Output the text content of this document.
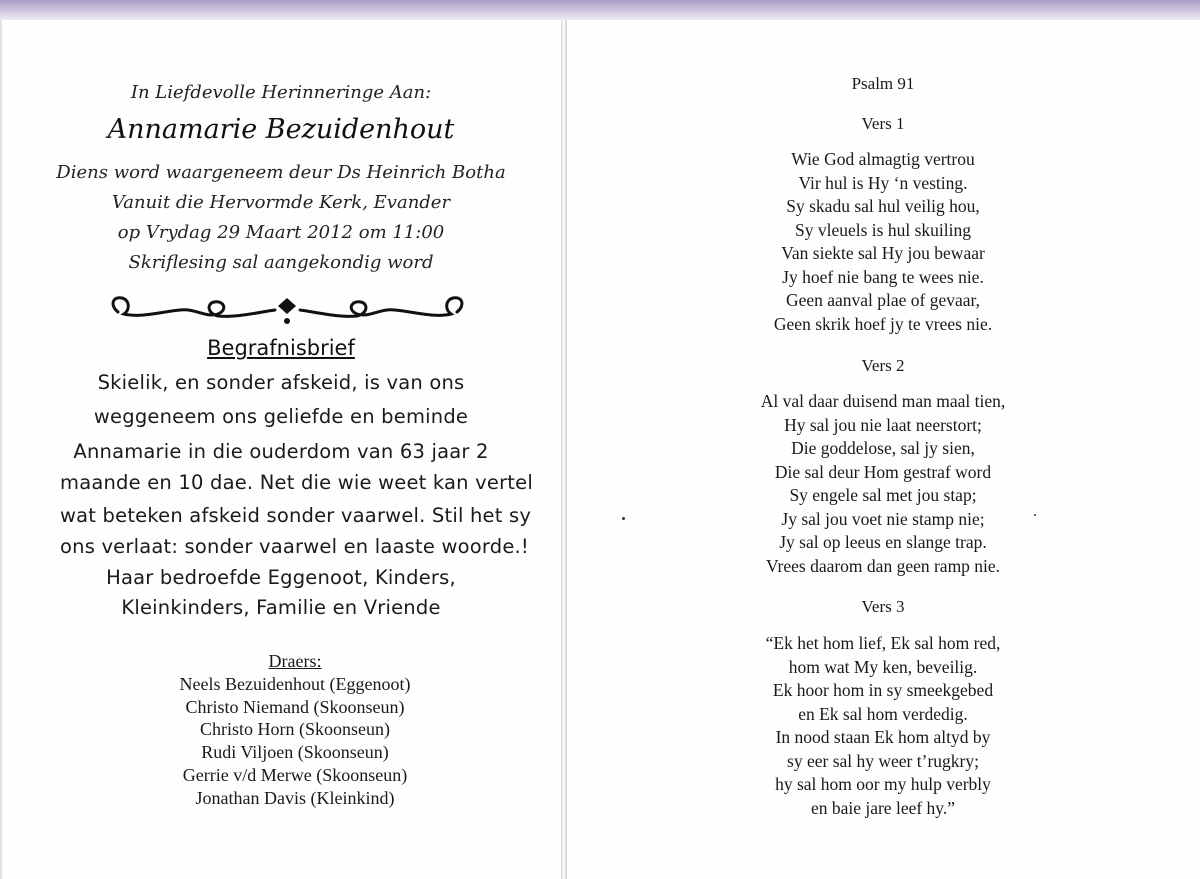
In Liefdevolle Herinneringe Aan:
Annamarie Bezuidenhout
Diens word waargeneem deur Ds Heinrich Botha
Vanuit die Hervormde Kerk, Evander
op Vrydag 29 Maart 2012 om 11:00
Skriflesing sal aangekondig word
Begrafnisbrief
Skielik, en sonder afskeid, is van ons
weggeneem ons geliefde en beminde
Annamarie in die ouderdom van 63 jaar 2
maande en 10 dae. Net die wie weet kan vertel
wat beteken afskeid sonder vaarwel. Stil het sy
ons verlaat: sonder vaarwel en laaste woorde.!
Haar bedroefde Eggenoot, Kinders,
Kleinkinders, Familie en Vriende
Draers:
Neels Bezuidenhout (Eggenoot)
Christo Niemand (Skoonseun)
Christo Horn (Skoonseun)
Rudi Viljoen (Skoonseun)
Gerrie v/d Merwe (Skoonseun)
Jonathan Davis (Kleinkind)
Psalm 91
Vers 1
Wie God almagtig vertrou
Vir hul is Hy ‘n vesting.
Sy skadu sal hul veilig hou,
Sy vleuels is hul skuiling
Van siekte sal Hy jou bewaar
Jy hoef nie bang te wees nie.
Geen aanval plae of gevaar,
Geen skrik hoef jy te vrees nie.
Vers 2
Al val daar duisend man maal tien,
Hy sal jou nie laat neerstort;
Die goddelose, sal jy sien,
Die sal deur Hom gestraf word
Sy engele sal met jou stap;
Jy sal jou voet nie stamp nie;
Jy sal op leeus en slange trap.
Vrees daarom dan geen ramp nie.
Vers 3
“Ek het hom lief, Ek sal hom red,
hom wat My ken, beveilig.
Ek hoor hom in sy smeekgebed
en Ek sal hom verdedig.
In nood staan Ek hom altyd by
sy eer sal hy weer t’rugkry;
hy sal hom oor my hulp verbly
en baie jare leef hy.”
